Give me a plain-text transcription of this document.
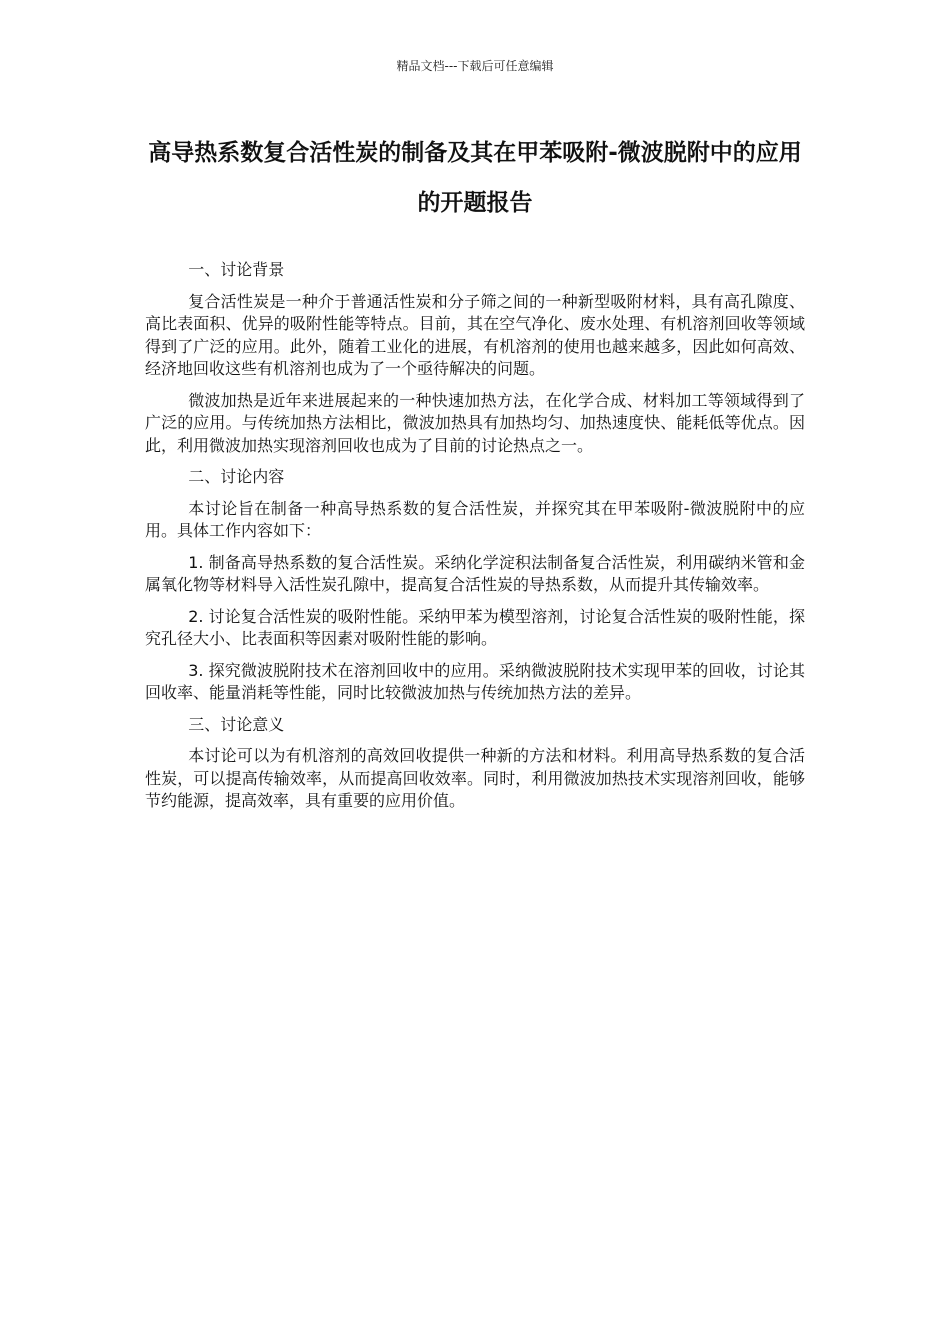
精品文档---下载后可任意编辑
高导热系数复合活性炭的制备及其在甲苯吸附-微波脱附中的应用的开题报告

一、讨论背景

复合活性炭是一种介于普通活性炭和分子筛之间的一种新型吸附材料，具有高孔隙度、高比表面积、优异的吸附性能等特点。目前，其在空气净化、废水处理、有机溶剂回收等领域得到了广泛的应用。此外，随着工业化的进展，有机溶剂的使用也越来越多，因此如何高效、经济地回收这些有机溶剂也成为了一个亟待解决的问题。

微波加热是近年来进展起来的一种快速加热方法，在化学合成、材料加工等领域得到了广泛的应用。与传统加热方法相比，微波加热具有加热均匀、加热速度快、能耗低等优点。因此，利用微波加热实现溶剂回收也成为了目前的讨论热点之一。

二、讨论内容

本讨论旨在制备一种高导热系数的复合活性炭，并探究其在甲苯吸附-微波脱附中的应用。具体工作内容如下：

1. 制备高导热系数的复合活性炭。采纳化学淀积法制备复合活性炭，利用碳纳米管和金属氧化物等材料导入活性炭孔隙中，提高复合活性炭的导热系数，从而提升其传输效率。

2. 讨论复合活性炭的吸附性能。采纳甲苯为模型溶剂，讨论复合活性炭的吸附性能，探究孔径大小、比表面积等因素对吸附性能的影响。

3. 探究微波脱附技术在溶剂回收中的应用。采纳微波脱附技术实现甲苯的回收，讨论其回收率、能量消耗等性能，同时比较微波加热与传统加热方法的差异。

三、讨论意义

本讨论可以为有机溶剂的高效回收提供一种新的方法和材料。利用高导热系数的复合活性炭，可以提高传输效率，从而提高回收效率。同时，利用微波加热技术实现溶剂回收，能够节约能源，提高效率，具有重要的应用价值。
